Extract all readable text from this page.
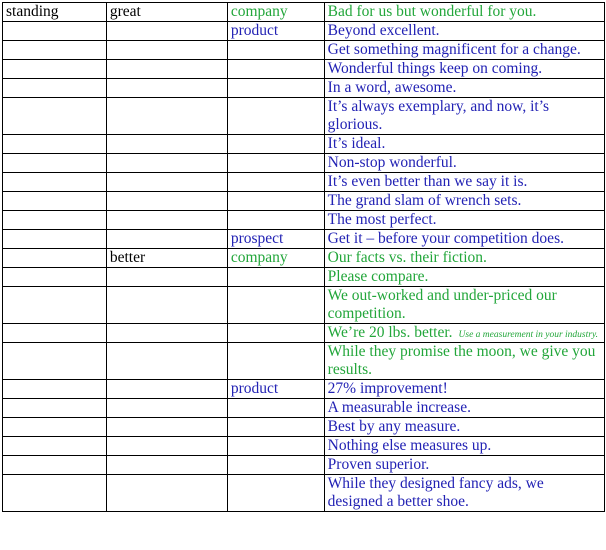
standing	great	company	Bad for us but wonderful for you.
		product	Beyond excellent.
			Get something magnificent for a change.
			Wonderful things keep on coming.
			In a word, awesome.
			It’s always exemplary, and now, it’s glorious.
			It’s ideal.
			Non-stop wonderful.
			It’s even better than we say it is.
			The grand slam of wrench sets.
			The most perfect.
		prospect	Get it – before your competition does.
	better	company	Our facts vs. their fiction.
			Please compare.
			We out-worked and under-priced our competition.
			We’re 20 lbs. better. Use a measurement in your industry.
			While they promise the moon, we give you results.
		product	27% improvement!
			A measurable increase.
			Best by any measure.
			Nothing else measures up.
			Proven superior.
			While they designed fancy ads, we designed a better shoe.
